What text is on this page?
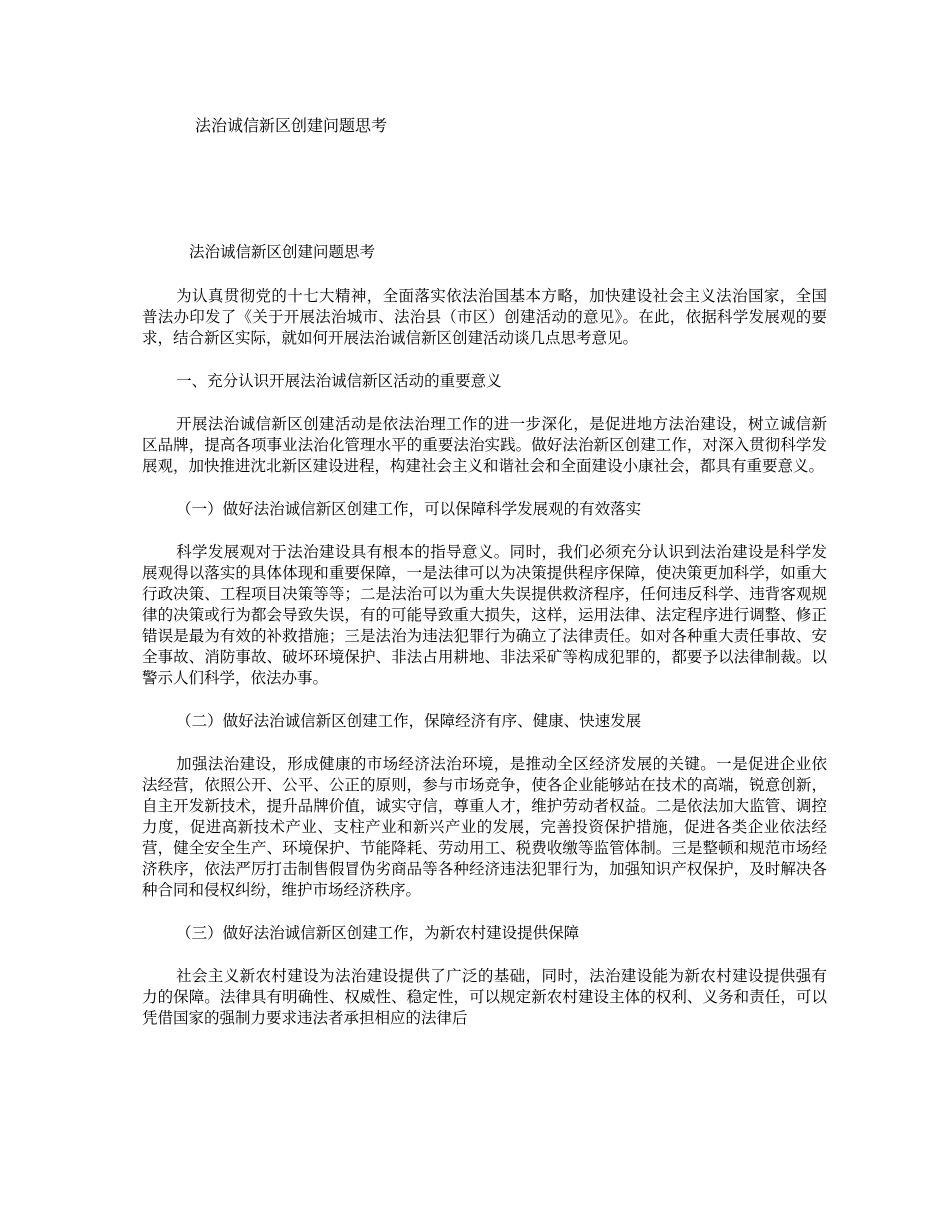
法治诚信新区创建问题思考
法治诚信新区创建问题思考

为认真贯彻党的十七大精神，全面落实依法治国基本方略，加快建设社会主义法治国家，全国普法办印发了《关于开展法治城市、法治县（市区）创建活动的意见》。在此，依据科学发展观的要求，结合新区实际，就如何开展法治诚信新区创建活动谈几点思考意见。

一、充分认识开展法治诚信新区活动的重要意义

开展法治诚信新区创建活动是依法治理工作的进一步深化，是促进地方法治建设，树立诚信新区品牌，提高各项事业法治化管理水平的重要法治实践。做好法治新区创建工作，对深入贯彻科学发展观，加快推进沈北新区建设进程，构建社会主义和谐社会和全面建设小康社会，都具有重要意义。

（一）做好法治诚信新区创建工作，可以保障科学发展观的有效落实

科学发展观对于法治建设具有根本的指导意义。同时，我们必须充分认识到法治建设是科学发展观得以落实的具体体现和重要保障，一是法律可以为决策提供程序保障，使决策更加科学，如重大行政决策、工程项目决策等等；二是法治可以为重大失误提供救济程序，任何违反科学、违背客观规律的决策或行为都会导致失误，有的可能导致重大损失，这样，运用法律、法定程序进行调整、修正错误是最为有效的补救措施；三是法治为违法犯罪行为确立了法律责任。如对各种重大责任事故、安全事故、消防事故、破坏环境保护、非法占用耕地、非法采矿等构成犯罪的，都要予以法律制裁。以警示人们科学，依法办事。

（二）做好法治诚信新区创建工作，保障经济有序、健康、快速发展

加强法治建设，形成健康的市场经济法治环境，是推动全区经济发展的关键。一是促进企业依法经营，依照公开、公平、公正的原则，参与市场竞争，使各企业能够站在技术的高端，锐意创新，自主开发新技术，提升品牌价值，诚实守信，尊重人才，维护劳动者权益。二是依法加大监管、调控力度，促进高新技术产业、支柱产业和新兴产业的发展，完善投资保护措施，促进各类企业依法经营，健全安全生产、环境保护、节能降耗、劳动用工、税费收缴等监管体制。三是整顿和规范市场经济秩序，依法严厉打击制售假冒伪劣商品等各种经济违法犯罪行为，加强知识产权保护，及时解决各种合同和侵权纠纷，维护市场经济秩序。

（三）做好法治诚信新区创建工作，为新农村建设提供保障

社会主义新农村建设为法治建设提供了广泛的基础，同时，法治建设能为新农村建设提供强有力的保障。法律具有明确性、权威性、稳定性，可以规定新农村建设主体的权利、义务和责任，可以凭借国家的强制力要求违法者承担相应的法律后
